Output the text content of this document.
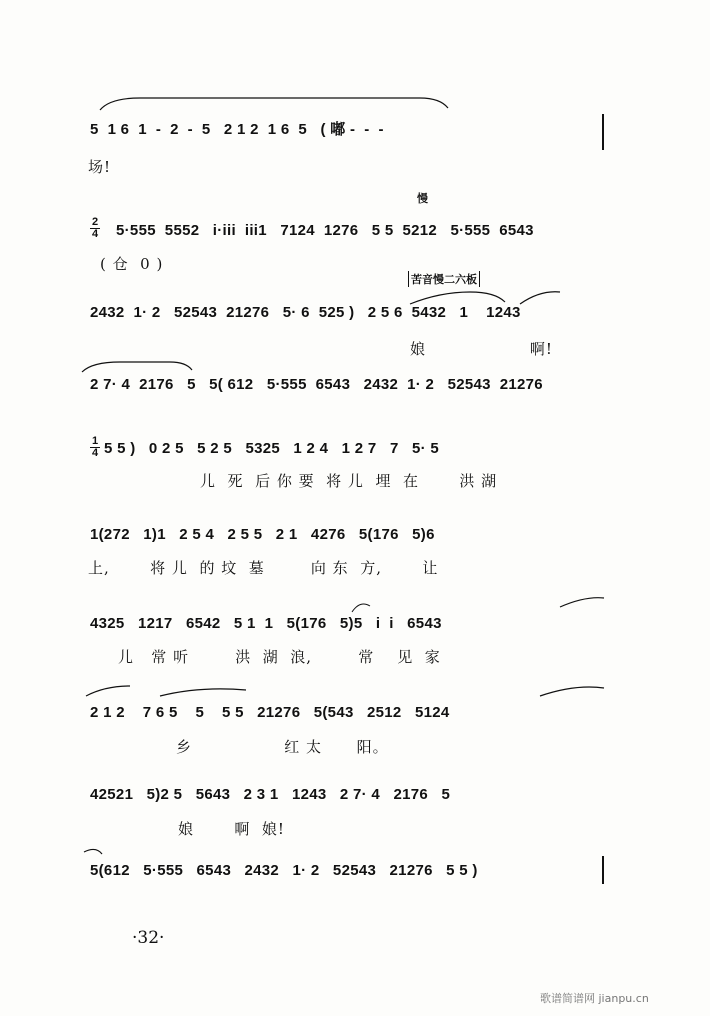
5  1 6  1  -  2  -  5   2 1 2  1 6  5   ( 嘟 -  -  -
场!
慢
2
4 5·555  5552   i·iii  iii1   7124  1276   5 5  5212   5·555  6543
( 仓  0 )
苦音慢二六板
2432  1· 2   52543  21276   5· 6  525 )   2 5 6  5432   1    1243
娘                  啊!
2 7· 4  2176   5   5( 612   5·555  6543   2432  1· 2   52543  21276
1
4 5 5 )   0 2 5   5 2 5   5325   1 2 4   1 2 7   7   5· 5
儿  死  后 你 要  将 儿  埋  在       洪 湖
1(272   1)1   2 5 4   2 5 5   2 1   4276   5(176   5)6
上,       将 儿  的 坟  墓        向 东  方,       让
4325   1217   6542   5 1  1   5(176   5)5   i  i   6543
儿   常 听        洪  湖  浪,        常    见  家
2 1 2    7 6 5    5    5 5   21276   5(543   2512   5124
乡                红 太      阳。
42521   5)2 5   5643   2 3 1   1243   2 7· 4   2176   5
娘       啊  娘!
5(612   5·555   6543   2432   1· 2   52543   21276   5 5 )
·32·
歌谱简谱网 jianpu.cn
